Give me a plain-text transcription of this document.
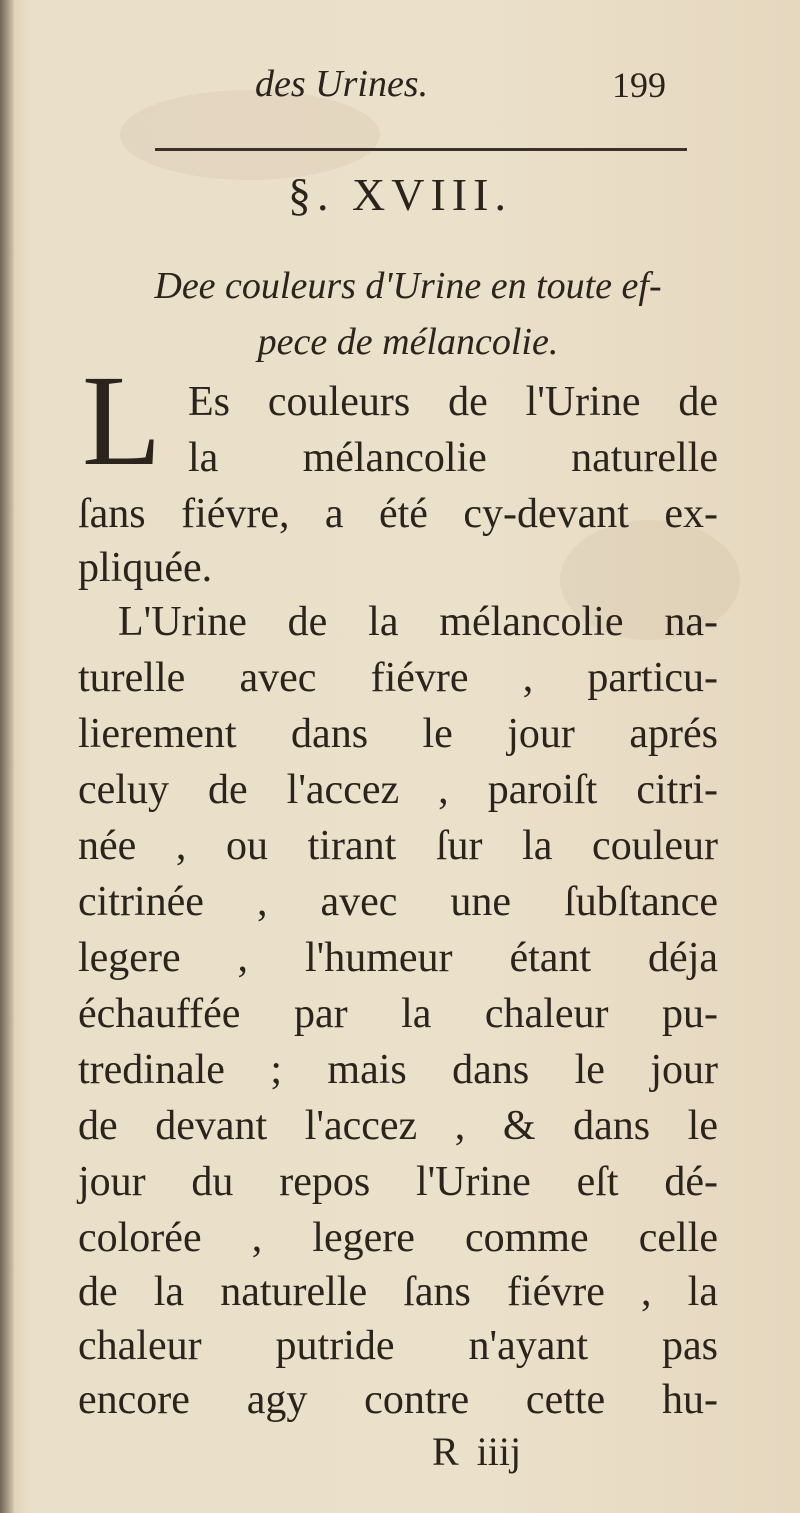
des Urines.	199
§. XVIII.
Dee couleurs d'Urine en toute ef-
pece de mélancolie.
L Es couleurs de l'Urine de
la mélancolie naturelle
ſans fiévre, a été cy-devant ex-
pliquée.
L'Urine de la mélancolie na-
turelle avec fiévre , particu-
lierement dans le jour aprés
celuy de l'accez , paroiſt citri-
née , ou tirant ſur la couleur
citrinée , avec une ſubſtance
legere , l'humeur étant déja
échauffée par la chaleur pu-
tredinale ; mais dans le jour
de devant l'accez , & dans le
jour du repos l'Urine eſt dé-
colorée , legere comme celle
de la naturelle ſans fiévre , la
chaleur putride n'ayant pas
encore agy contre cette hu-
R iiij
